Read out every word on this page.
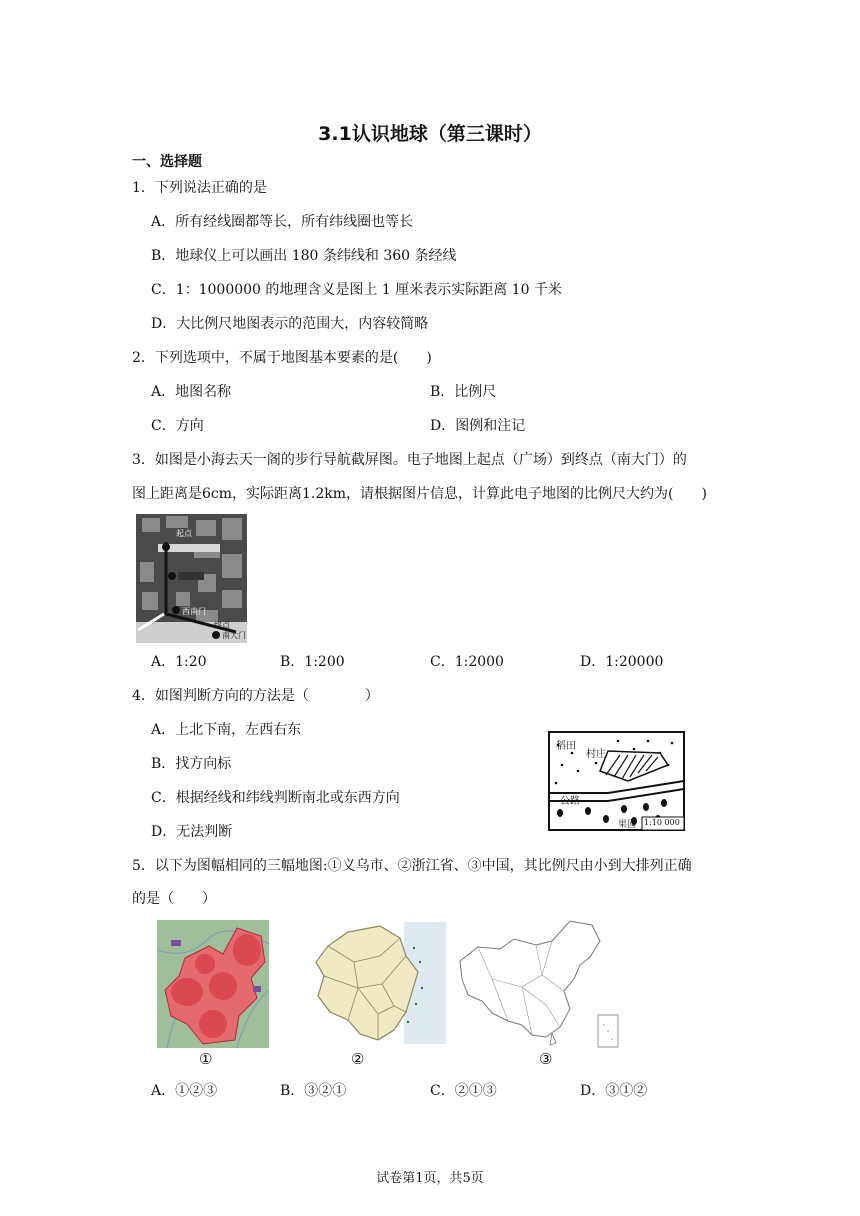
3.1认识地球（第三课时）
一、选择题
1．下列说法正确的是
A．所有经线圈都等长，所有纬线圈也等长
B．地球仪上可以画出 180 条纬线和 360 条经线
C．1：1000000 的地理含义是图上 1 厘米表示实际距离 10 千米
D．大比例尺地图表示的范围大，内容较简略
2．下列选项中，不属于地图基本要素的是(　　)
A．地图名称	B．比例尺
C．方向	D．图例和注记
3．如图是小海去天一阁的步行导航截屏图。电子地图上起点（广场）到终点（南大门）的
图上距离是6cm，实际距离1.2km，请根据图片信息，计算此电子地图的比例尺大约为(　　)
起点
西南门
终点
南大门
A．1:20	B．1:200	C．1:2000	D．1:20000
4．如图判断方向的方法是（　　　　）
A．上北下南，左西右东
B．找方向标
C．根据经线和纬线判断南北或东西方向
D．无法判断
稻田
村庄
公路
果园 1:10 000
5．以下为图幅相同的三幅地图:①义乌市、②浙江省、③中国，其比例尺由小到大排列正确
的是（　　）
①	②	③
A．①②③	B．③②①	C．②①③	D．③①②
试卷第1页，共5页
